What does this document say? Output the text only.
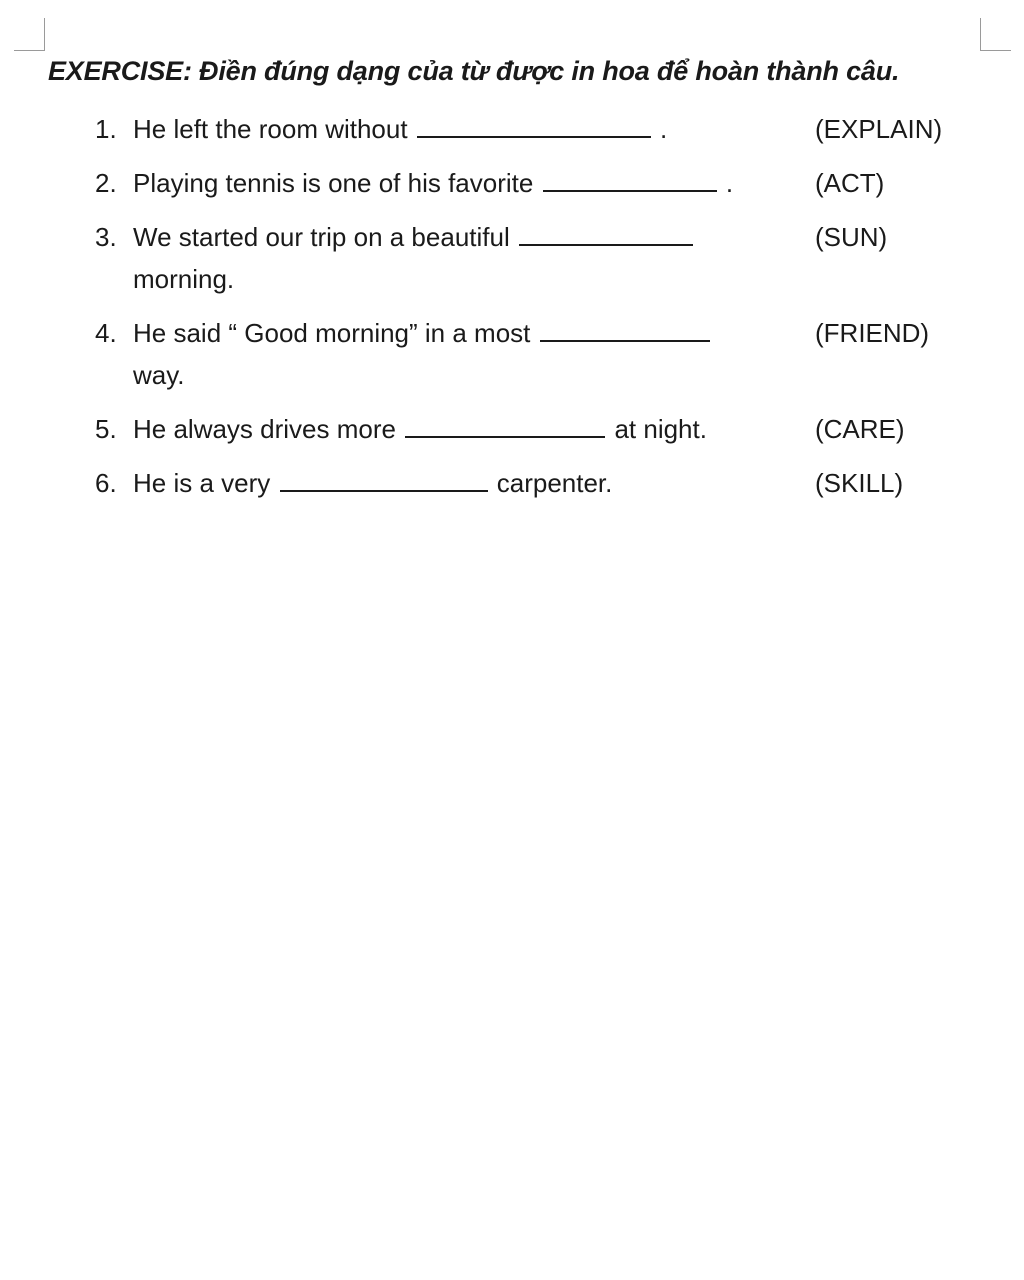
EXERCISE: Điền đúng dạng của từ được in hoa để hoàn thành câu.
1. He left the room without	.	(EXPLAIN)
2. Playing tennis is one of his favorite	.	(ACT)
3. We started our trip on a beautiful
morning.
(SUN)
4. He said “ Good morning” in a most
way.
(FRIEND)
5. He always drives more	at night.	(CARE)
6. He is a very	carpenter.	(SKILL)
